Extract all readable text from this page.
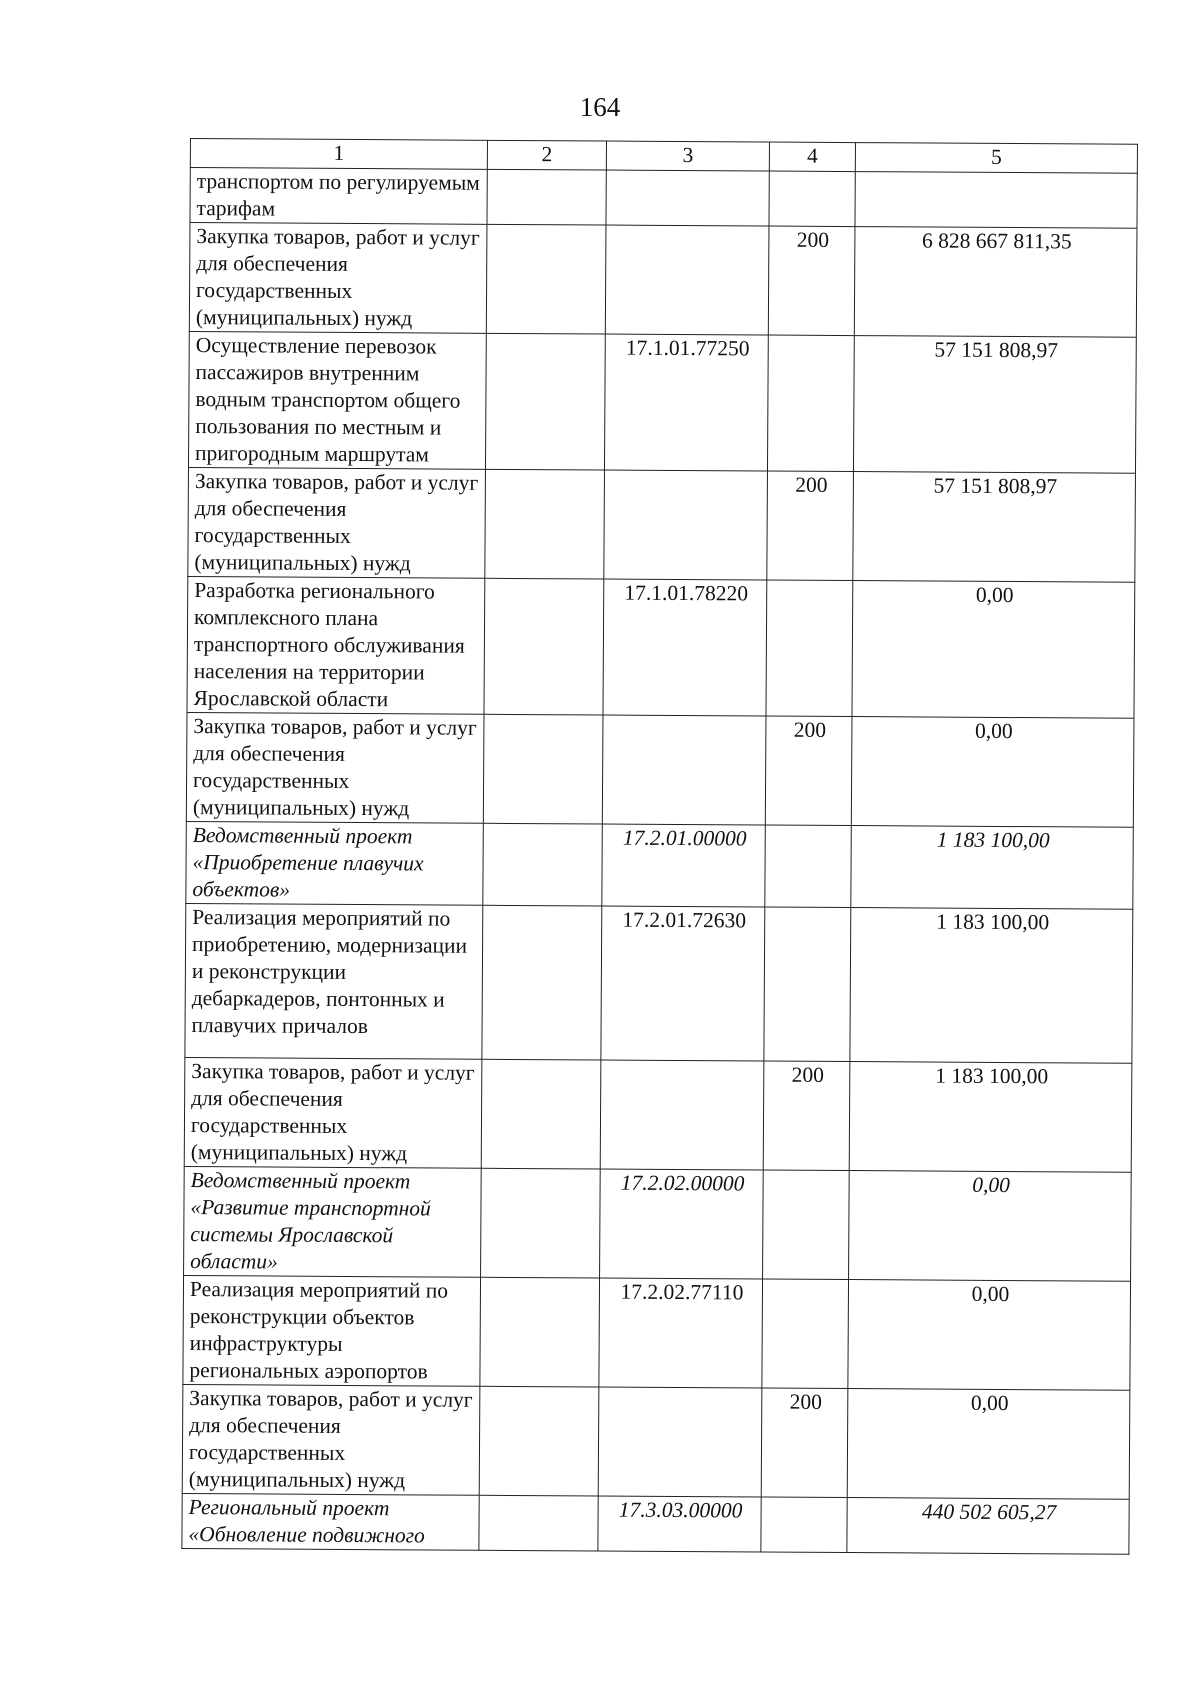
164
1	2	3	4	5
транспортом по регулируемым тарифам				
Закупка товаров, работ и услуг для обеспечения государственных (муниципальных) нужд			200	6 828 667 811,35
Осуществление перевозок пассажиров внутренним водным транспортом общего пользования по местным и пригородным маршрутам		17.1.01.77250		57 151 808,97
Закупка товаров, работ и услуг для обеспечения государственных (муниципальных) нужд			200	57 151 808,97
Разработка регионального комплексного плана транспортного обслуживания населения на территории Ярославской области		17.1.01.78220		0,00
Закупка товаров, работ и услуг для обеспечения государственных (муниципальных) нужд			200	0,00
Ведомственный проект «Приобретение плавучих объектов»		17.2.01.00000		1 183 100,00
Реализация мероприятий по приобретению, модернизации и реконструкции дебаркадеров, понтонных и плавучих причалов		17.2.01.72630		1 183 100,00
Закупка товаров, работ и услуг для обеспечения государственных (муниципальных) нужд			200	1 183 100,00
Ведомственный проект «Развитие транспортной системы Ярославской области»		17.2.02.00000		0,00
Реализация мероприятий по реконструкции объектов инфраструктуры региональных аэропортов		17.2.02.77110		0,00
Закупка товаров, работ и услуг для обеспечения государственных (муниципальных) нужд			200	0,00
Региональный проект «Обновление подвижного		17.3.03.00000		440 502 605,27
